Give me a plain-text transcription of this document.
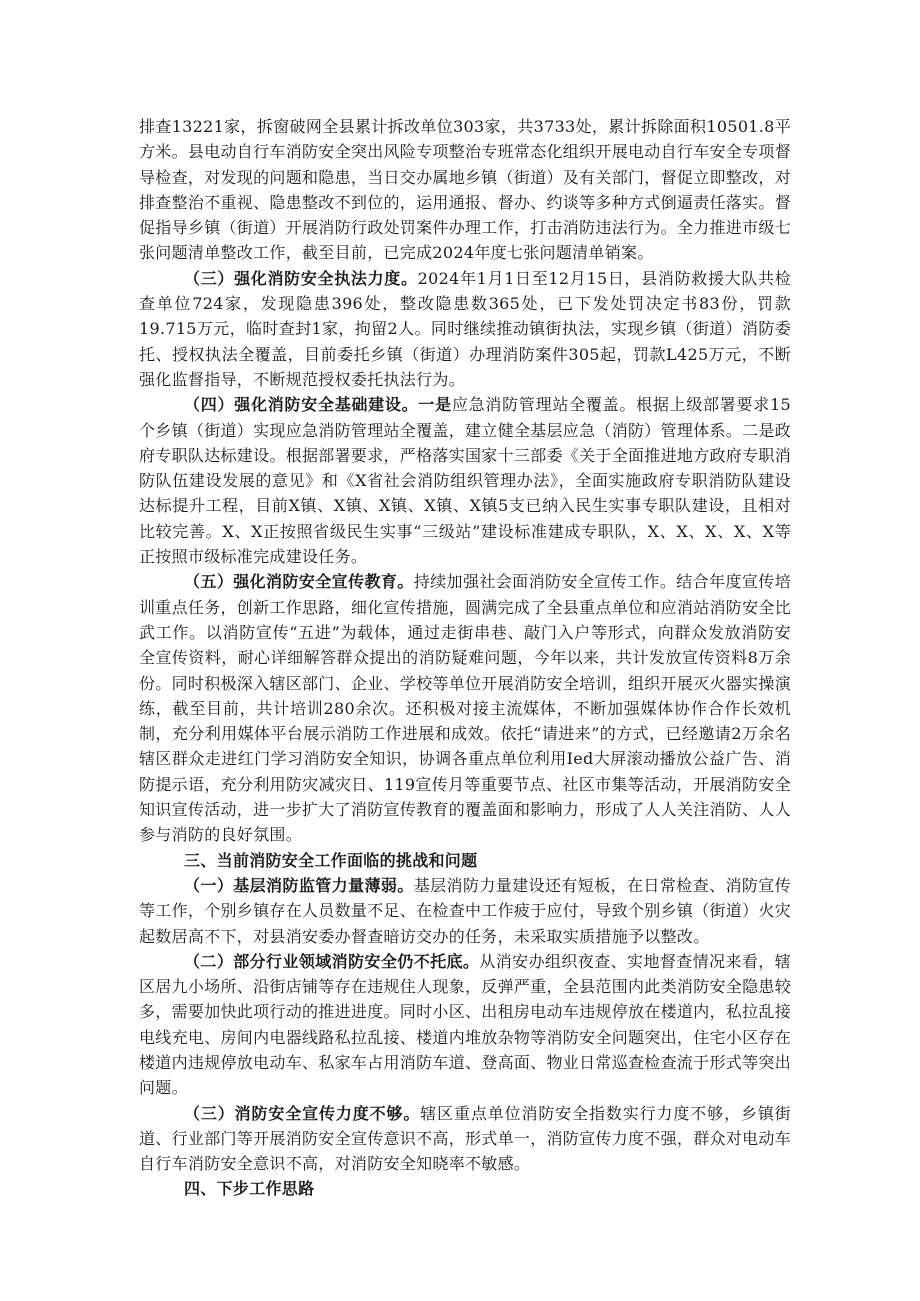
排查13221家，拆窗破网全县累计拆改单位303家，共3733处，累计拆除面积10501.8平方米。县电动自行车消防安全突出风险专项整治专班常态化组织开展电动自行车安全专项督导检查，对发现的问题和隐患，当日交办属地乡镇（街道）及有关部门，督促立即整改，对排查整治不重视、隐患整改不到位的，运用通报、督办、约谈等多种方式倒逼责任落实。督促指导乡镇（街道）开展消防行政处罚案件办理工作，打击消防违法行为。全力推进市级七张问题清单整改工作，截至目前，已完成2024年度七张问题清单销案。

（三）强化消防安全执法力度。2024年1月1日至12月15日，县消防救援大队共检查单位724家，发现隐患396处，整改隐患数365处，已下发处罚决定书83份，罚款19.715万元，临时查封1家，拘留2人。同时继续推动镇街执法，实现乡镇（街道）消防委托、授权执法全覆盖，目前委托乡镇（街道）办理消防案件305起，罚款L425万元，不断强化监督指导，不断规范授权委托执法行为。

（四）强化消防安全基础建设。一是应急消防管理站全覆盖。根据上级部署要求15个乡镇（街道）实现应急消防管理站全覆盖，建立健全基层应急（消防）管理体系。二是政府专职队达标建设。根据部署要求，严格落实国家十三部委《关于全面推进地方政府专职消防队伍建设发展的意见》和《X省社会消防组织管理办法》，全面实施政府专职消防队建设达标提升工程，目前X镇、X镇、X镇、X镇、X镇5支已纳入民生实事专职队建设，且相对比较完善。X、X正按照省级民生实事“三级站”建设标准建成专职队，X、X、X、X、X等正按照市级标准完成建设任务。

（五）强化消防安全宣传教育。持续加强社会面消防安全宣传工作。结合年度宣传培训重点任务，创新工作思路，细化宣传措施，圆满完成了全县重点单位和应消站消防安全比武工作。以消防宣传“五进”为载体，通过走街串巷、敲门入户等形式，向群众发放消防安全宣传资料，耐心详细解答群众提出的消防疑难问题，今年以来，共计发放宣传资料8万余份。同时积极深入辖区部门、企业、学校等单位开展消防安全培训，组织开展灭火器实操演练，截至目前，共计培训280余次。还积极对接主流媒体，不断加强媒体协作合作长效机制，充分利用媒体平台展示消防工作进展和成效。依托“请进来”的方式，已经邀请2万余名辖区群众走进红门学习消防安全知识，协调各重点单位利用Ied大屏滚动播放公益广告、消防提示语，充分利用防灾减灾日、119宣传月等重要节点、社区市集等活动，开展消防安全知识宣传活动，进一步扩大了消防宣传教育的覆盖面和影响力，形成了人人关注消防、人人参与消防的良好氛围。

三、当前消防安全工作面临的挑战和问题

（一）基层消防监管力量薄弱。基层消防力量建设还有短板，在日常检查、消防宣传等工作，个别乡镇存在人员数量不足、在检查中工作疲于应付，导致个别乡镇（街道）火灾起数居高不下，对县消安委办督查暗访交办的任务，未采取实质措施予以整改。

（二）部分行业领域消防安全仍不托底。从消安办组织夜查、实地督查情况来看，辖区居九小场所、沿街店铺等存在违规住人现象，反弹严重，全县范围内此类消防安全隐患较多，需要加快此项行动的推进进度。同时小区、出租房电动车违规停放在楼道内，私拉乱接电线充电、房间内电器线路私拉乱接、楼道内堆放杂物等消防安全问题突出，住宅小区存在楼道内违规停放电动车、私家车占用消防车道、登高面、物业日常巡查检查流于形式等突出问题。

（三）消防安全宣传力度不够。辖区重点单位消防安全指数实行力度不够，乡镇街道、行业部门等开展消防安全宣传意识不高，形式单一，消防宣传力度不强，群众对电动车自行车消防安全意识不高，对消防安全知晓率不敏感。

四、下步工作思路
